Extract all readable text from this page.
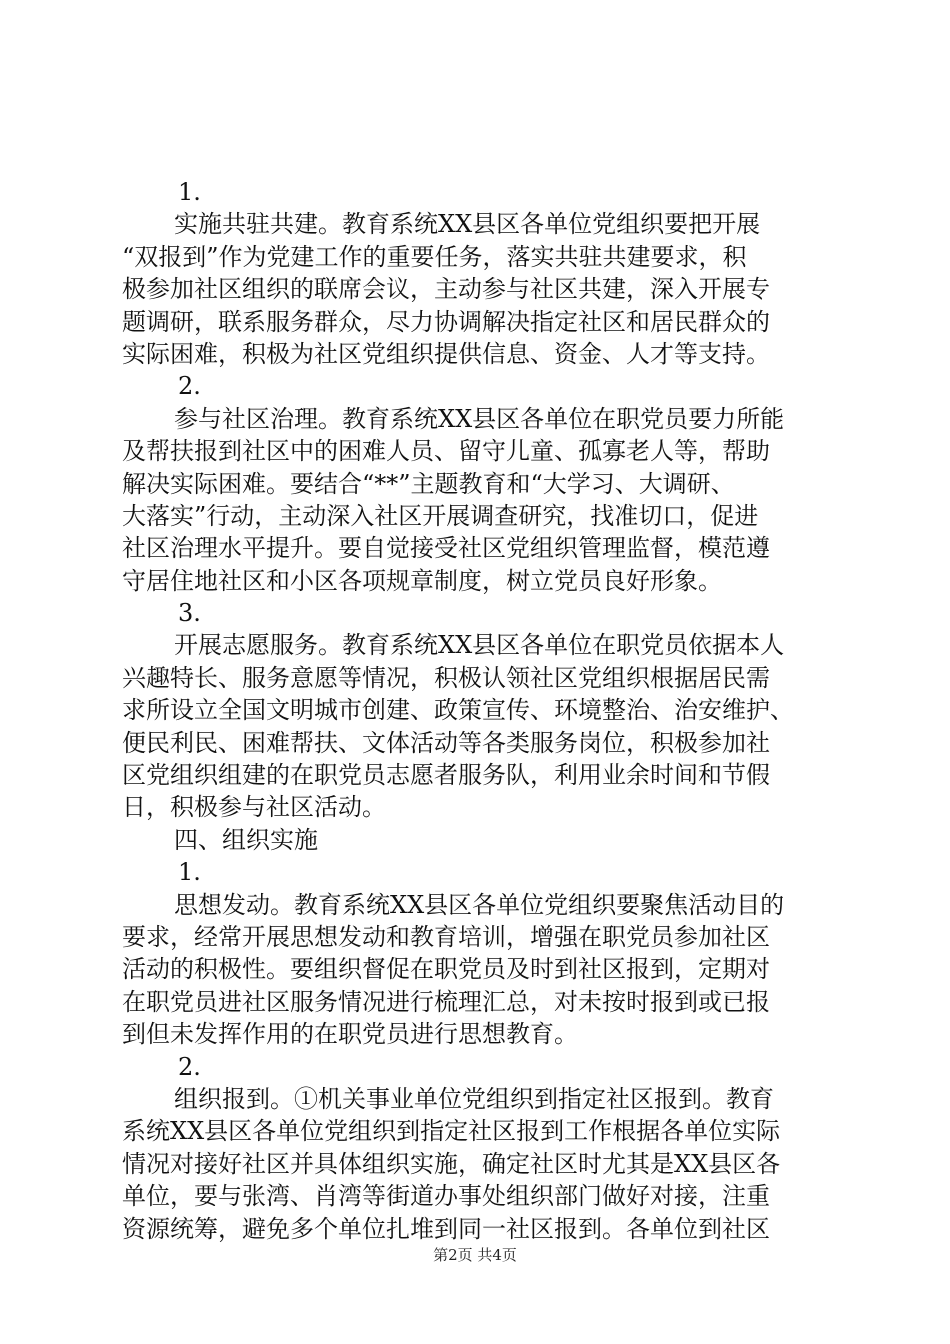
1.
实施共驻共建。教育系统XX县区各单位党组织要把开展
“双报到”作为党建工作的重要任务，落实共驻共建要求，积
极参加社区组织的联席会议，主动参与社区共建，深入开展专
题调研，联系服务群众，尽力协调解决指定社区和居民群众的
实际困难，积极为社区党组织提供信息、资金、人才等支持。
2.
参与社区治理。教育系统XX县区各单位在职党员要力所能
及帮扶报到社区中的困难人员、留守儿童、孤寡老人等，帮助
解决实际困难。要结合“**”主题教育和“大学习、大调研、
大落实”行动，主动深入社区开展调查研究，找准切口，促进
社区治理水平提升。要自觉接受社区党组织管理监督，模范遵
守居住地社区和小区各项规章制度，树立党员良好形象。
3.
开展志愿服务。教育系统XX县区各单位在职党员依据本人
兴趣特长、服务意愿等情况，积极认领社区党组织根据居民需
求所设立全国文明城市创建、政策宣传、环境整治、治安维护、
便民利民、困难帮扶、文体活动等各类服务岗位，积极参加社
区党组织组建的在职党员志愿者服务队，利用业余时间和节假
日，积极参与社区活动。
四、组织实施
1.
思想发动。教育系统XX县区各单位党组织要聚焦活动目的
要求，经常开展思想发动和教育培训，增强在职党员参加社区
活动的积极性。要组织督促在职党员及时到社区报到，定期对
在职党员进社区服务情况进行梳理汇总，对未按时报到或已报
到但未发挥作用的在职党员进行思想教育。
2.
组织报到。①机关事业单位党组织到指定社区报到。教育
系统XX县区各单位党组织到指定社区报到工作根据各单位实际
情况对接好社区并具体组织实施，确定社区时尤其是XX县区各
单位，要与张湾、肖湾等街道办事处组织部门做好对接，注重
资源统筹，避免多个单位扎堆到同一社区报到。各单位到社区
第2页 共4页
